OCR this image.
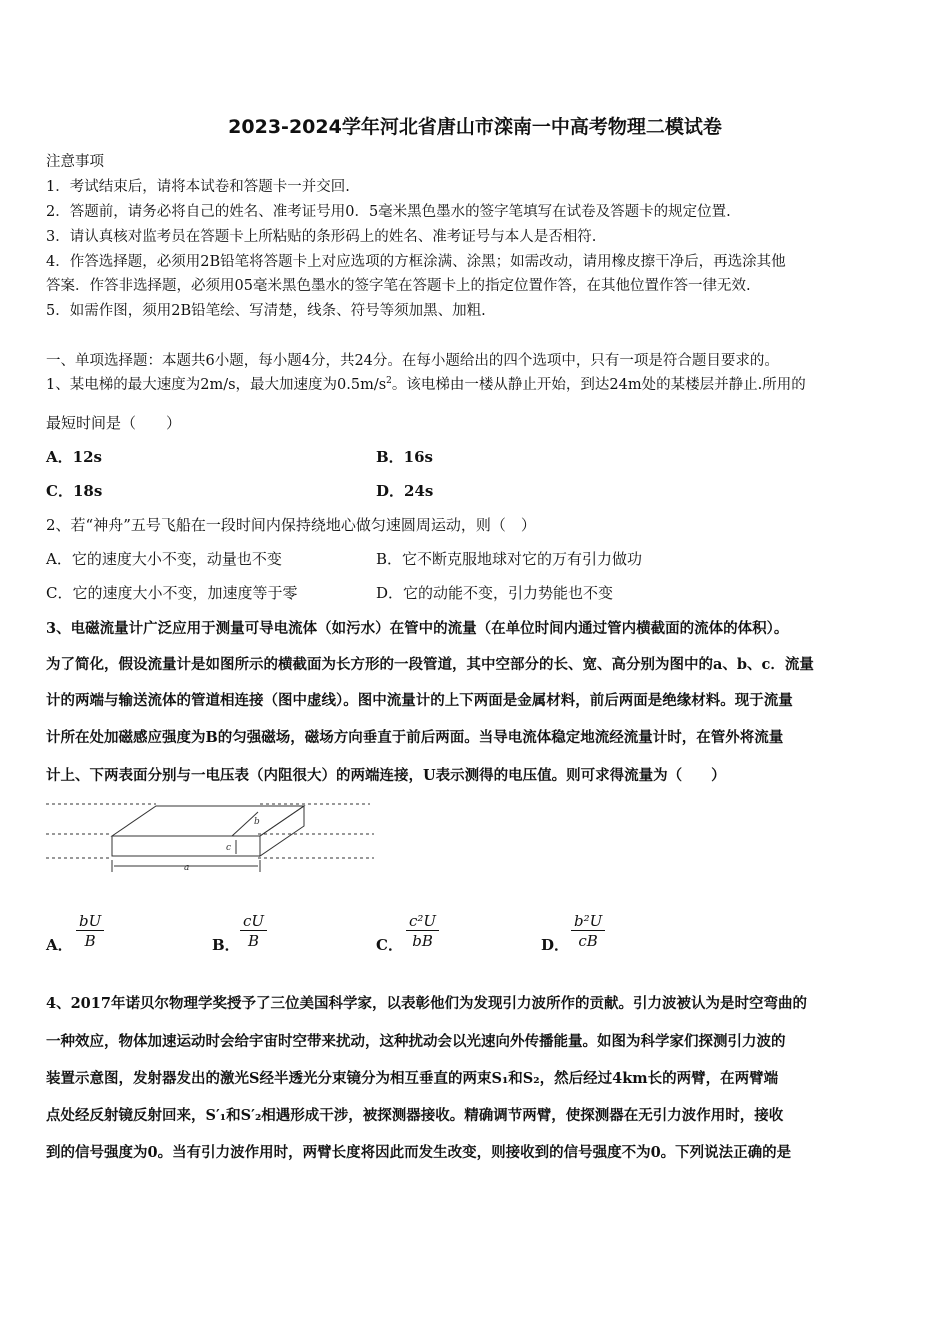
2023-2024学年河北省唐山市滦南一中高考物理二模试卷
注意事项
1．考试结束后，请将本试卷和答题卡一并交回.
2．答题前，请务必将自己的姓名、准考证号用0．5毫米黑色墨水的签字笔填写在试卷及答题卡的规定位置.
3．请认真核对监考员在答题卡上所粘贴的条形码上的姓名、准考证号与本人是否相符.
4．作答选择题，必须用2B铅笔将答题卡上对应选项的方框涂满、涂黑；如需改动，请用橡皮擦干净后，再选涂其他
答案．作答非选择题，必须用05毫米黑色墨水的签字笔在答题卡上的指定位置作答，在其他位置作答一律无效.
5．如需作图，须用2B铅笔绘、写清楚，线条、符号等须加黑、加粗.
一、单项选择题：本题共6小题，每小题4分，共24分。在每小题给出的四个选项中，只有一项是符合题目要求的。
1、某电梯的最大速度为2m/s，最大加速度为$0.5m/s^2$。该电梯由一楼从静止开始，到达24m处的某楼层并静止.所用的
最短时间是（　　）
A．12s	B．16s
C．18s	D．24s
2、若“神舟”五号飞船在一段时间内保持绕地心做匀速圆周运动，则（　）
A．它的速度大小不变，动量也不变	B．它不断克服地球对它的万有引力做功
C．它的速度大小不变，加速度等于零	D．它的动能不变，引力势能也不变
3、电磁流量计广泛应用于测量可导电流体（如污水）在管中的流量（在单位时间内通过管内横截面的流体的体积）。
为了简化，假设流量计是如图所示的横截面为长方形的一段管道，其中空部分的长、宽、高分别为图中的a、b、c．流量
计的两端与输送流体的管道相连接（图中虚线）。图中流量计的上下两面是金属材料，前后两面是绝缘材料。现于流量
计所在处加磁感应强度为B的匀强磁场，磁场方向垂直于前后两面。当导电流体稳定地流经流量计时，在管外将流量
计上、下两表面分别与一电压表（内阻很大）的两端连接，U表示测得的电压值。则可求得流量为（　　）
b
c
a
A．
bU
B	B．
cU
B	C．
c²U
bB	D．
b²U
cB
4、2017年诺贝尔物理学奖授予了三位美国科学家，以表彰他们为发现引力波所作的贡献。引力波被认为是时空弯曲的
一种效应，物体加速运动时会给宇宙时空带来扰动，这种扰动会以光速向外传播能量。如图为科学家们探测引力波的
装置示意图，发射器发出的激光S经半透光分束镜分为相互垂直的两束S₁和S₂，然后经过4km长的两臂，在两臂端
点处经反射镜反射回来，S′₁和S′₂相遇形成干涉，被探测器接收。精确调节两臂，使探测器在无引力波作用时，接收
到的信号强度为0。当有引力波作用时，两臂长度将因此而发生改变，则接收到的信号强度不为0。下列说法正确的是
